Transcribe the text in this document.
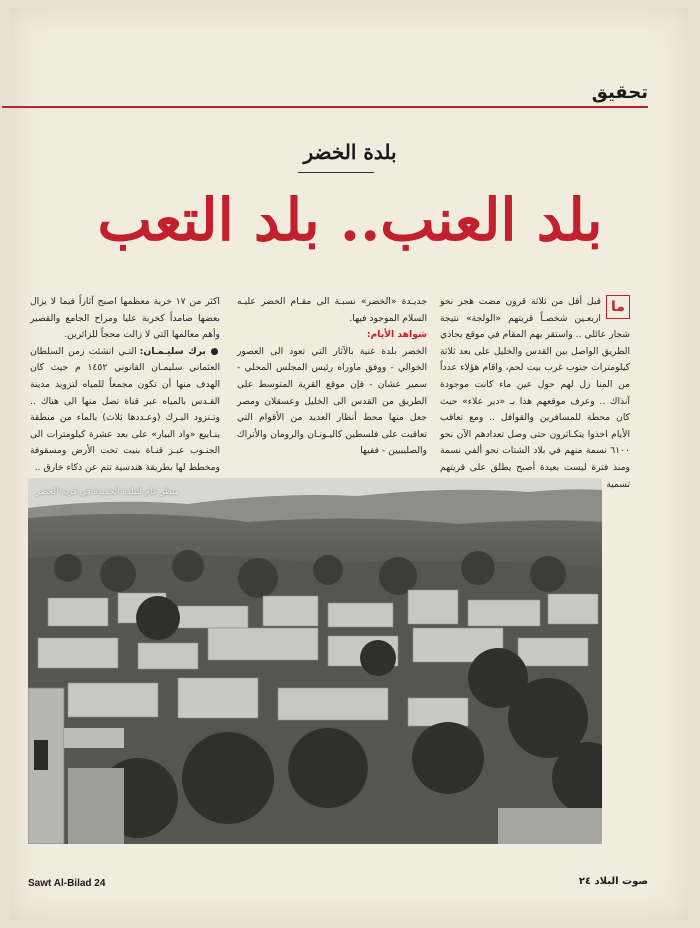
تحقيق
بلدة الخضر
بلد العنب.. بلد التعب

ما
قبل أقل من ثلاثة قرون مضت هجر نحو اربعـين شخصـاً قريتهم «الولجة» نتيجة شجار عائلي .. واستقر بهم المقام في موقع يحاذي الطريق الواصل بين القدس والخليل على بعد ثلاثة كيلومترات جنوب غرب بيت لحم، واقام هؤلاء عدداً من المنا زل لهم حول عين ماء كانت موجودة آنذاك .. وعرف موقعهم هذا بـ «دير علاء» حيث كان محطة للمسافرين والقوافل .. ومع تعاقب الأيام اخذوا يتكـاثرون حتى وصل تعدادهم الآن نحو ٦١٠٠ نسمة منهم في بلاد الشتات نحو ألفي نسمة ومنذ فترة ليست بعيدة أصبح يطلق على قريتهم تسمية

جديـدة «الخضر» نسبـة الى مقـام الخضر عليـه السلام الموجود فيها.

شواهد الأيام:

الخضر بلدة غنية بالآثار التي تعود الى العصور الخوالي - ووفق ماوراه رئيس المجلس المحلي - سمير عشان - فإن موقع القرية المتوسط على الطريق من القدس الى الخليل وعسقلان ومصر جعل منها محط أنظار العديد من الأقوام التي تعاقبت على فلسطين كاليـونـان والرومان والأتراك والصليبيين - ففيها

اكثر من ١٧ خربة معظمها اصبح آثاراً فيما لا يزال بعضها صامداً كخربة عليا ومراح الجامع والقصير وأهم معالمها التي لا زالت محجاً للزائرين.

● برك سليـمـان: التـي انشئت زمن السلطان العثماني سليمـان القانوني ١٤٥٢ م حيث كان الهدف منها أن تكون مجمعاً للمياه لتزويد مدينة القـدس بالمياه عبر قناة تصل منها الى هناك .. وتـتزود البـرك (وعـددها ثلاث) بالماء من منطقة ينـابيع «واد البيار» على بعد عشرة كيلومترات الى الجنـوب عبـر قنـاة بنيت تحت الأرض ومسقوفة ومخطط لها بطريقة هندسية تتم عن ذكاء خارق ..

منظر عام للبلدة الجديدة في قرية الخضر
Sawt Al-Bilad 24	صوت البلاد ٢٤
